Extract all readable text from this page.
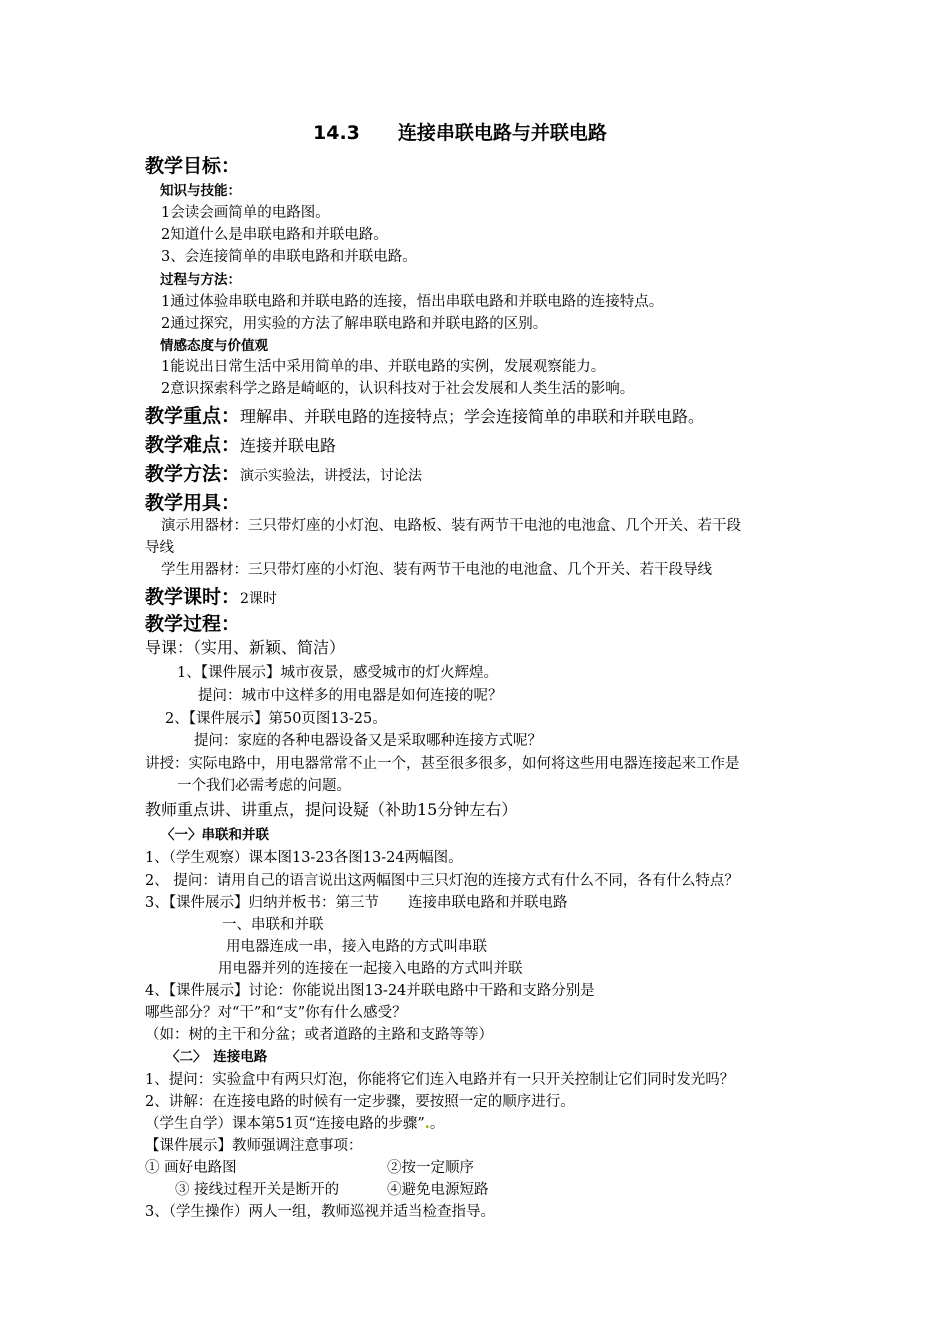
14.3　　连接串联电路与并联电路
教学目标：
知识与技能：
1会读会画简单的电路图。
2知道什么是串联电路和并联电路。
3、会连接简单的串联电路和并联电路。
过程与方法：
1通过体验串联电路和并联电路的连接，悟出串联电路和并联电路的连接特点。
2通过探究，用实验的方法了解串联电路和并联电路的区别。
情感态度与价值观
1能说出日常生活中采用简单的串、并联电路的实例，发展观察能力。
2意识探索科学之路是崎岖的，认识科技对于社会发展和人类生活的影响。
教学重点：理解串、并联电路的连接特点；学会连接简单的串联和并联电路。
教学难点：连接并联电路
教学方法：演示实验法，讲授法，讨论法
教学用具：
演示用器材：三只带灯座的小灯泡、电路板、装有两节干电池的电池盒、几个开关、若干段
导线
学生用器材：三只带灯座的小灯泡、装有两节干电池的电池盒、几个开关、若干段导线
教学课时：2课时
教学过程：
导课：（实用、新颖、简洁）
1、【课件展示】城市夜景，感受城市的灯火辉煌。
提问：城市中这样多的用电器是如何连接的呢？
2、【课件展示】第50页图13-25。
提问：家庭的各种电器设备又是采取哪种连接方式呢？
讲授：实际电路中，用电器常常不止一个，甚至很多很多，如何将这些用电器连接起来工作是
一个我们必需考虑的问题。
教师重点讲、讲重点，提问设疑（补助15分钟左右）
〈一〉串联和并联
1、（学生观察）课本图13-23各图13-24两幅图。
2、 提问：请用自己的语言说出这两幅图中三只灯泡的连接方式有什么不同，各有什么特点？
3、【课件展示】归纳并板书：第三节　　连接串联电路和并联电路
一、串联和并联
用电器连成一串，接入电路的方式叫串联
用电器并列的连接在一起接入电路的方式叫并联
4、【课件展示】讨论：你能说出图13-24并联电路中干路和支路分别是
哪些部分？对“干”和“支”你有什么感受？
（如：树的主干和分盆；或者道路的主路和支路等等）
〈二〉　连接电路
1、提问：实验盒中有两只灯泡，你能将它们连入电路并有一只开关控制让它们同时发光吗？
2、讲解：在连接电路的时候有一定步骤，要按照一定的顺序进行。
（学生自学）课本第51页“连接电路的步骤”.。
【课件展示】教师强调注意事项：
① 画好电路图	②按一定顺序
③ 接线过程开关是断开的	④避免电源短路
3、（学生操作）两人一组，教师巡视并适当检查指导。
